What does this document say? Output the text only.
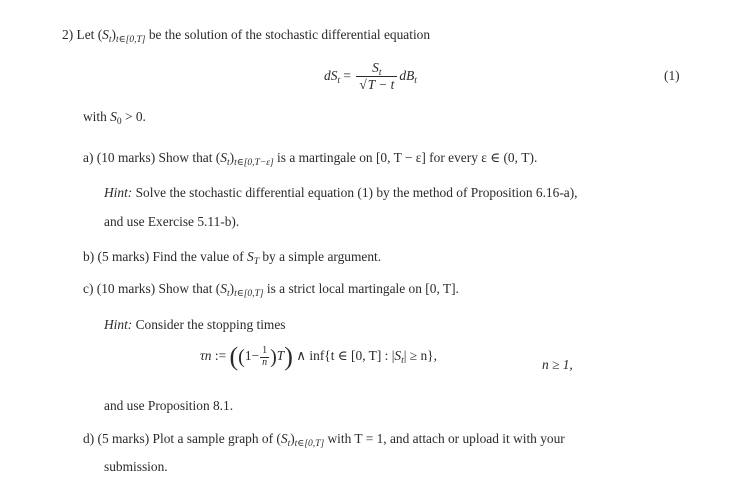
2) Let $(S_t)_{t\in[0,T]}$ be the solution of the stochastic differential equation
$dS_t = \frac{S_t}{√T - t} dB_t$	(1)
with $S_0 > 0$.
a) (10 marks) Show that $(S_t)_{t\in[0,T-\varepsilon]}$ is a martingale on [0, T − ε] for every ε ∈ (0, T).
Hint: Solve the stochastic differential equation (1) by the method of Proposition 6.16-a),
and use Exercise 5.11-b).
b) (5 marks) Find the value of $S_T$ by a simple argument.
c) (10 marks) Show that $(S_t)_{t\in[0,T]}$ is a strict local martingale on [0, T].
Hint: Consider the stopping times
τn := $((1- \frac{1}{n} )T)$ ∧ inf{t ∈ [0, T] : $|S_t| \ge n$},
n ≥ 1,
and use Proposition 8.1.
d) (5 marks) Plot a sample graph of $(S_t)_{t\in[0,T]}$ with T = 1, and attach or upload it with your
submission.
